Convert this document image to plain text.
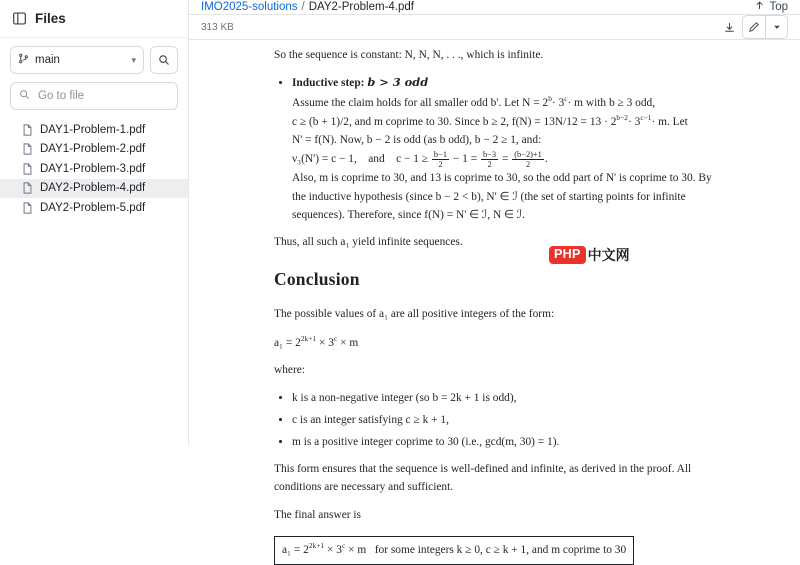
Files
main	▾
Go to file
DAY1-Problem-1.pdf
DAY1-Problem-2.pdf
DAY1-Problem-3.pdf
DAY2-Problem-4.pdf
DAY2-Problem-5.pdf
IMO2025-solutions / DAY2-Problem-4.pdf	Top
313 KB

So the sequence is constant: N, N, N, . . ., which is infinite.

• Inductive step: b > 3 odd
Assume the claim holds for all smaller odd b'. Let $N = 2^b\cdot 3^c\cdot m$ with b ≥ 3 odd,
c ≥ (b + 1)/2, and m coprime to 30. Since b ≥ 2, $f(N) = 13N/12 = 13 \cdot 2^{b-2}\cdot 3^{c-1}\cdot m$. Let
N' = f(N). Now, b − 2 is odd (as b odd), b − 2 ≥ 1, and:
ν₃(N') = c − 1, and $c - 1 \ge \frac{b-1}{2} - 1 = \frac{b-3}{2} = \frac{(b-2)+1}{2}$ .
Also, m is coprime to 30, and 13 is coprime to 30, so the odd part of N' is coprime to 30. By
the inductive hypothesis (since b − 2 < b), N' ∈ ℐ (the set of starting points for infinite
sequences). Therefore, since f(N) = N' ∈ ℐ, N ∈ ℐ.

Thus, all such a₁ yield infinite sequences.

Conclusion

The possible values of a₁ are all positive integers of the form:

$a_1 = 2^{2k+1} \times 3^c \times m$

where:

• k is a non-negative integer (so b = 2k + 1 is odd),
• c is an integer satisfying c ≥ k + 1,
• m is a positive integer coprime to 30 (i.e., gcd(m, 30) = 1).

This form ensures that the sequence is well-defined and infinite, as derived in the proof. All
conditions are necessary and sufficient.

The final answer is

$a_1 = 2^{2k+1} \times 3^c \times m$ for some integers k ≥ 0, c ≥ k + 1, and m coprime to 30
PHP 中文网
